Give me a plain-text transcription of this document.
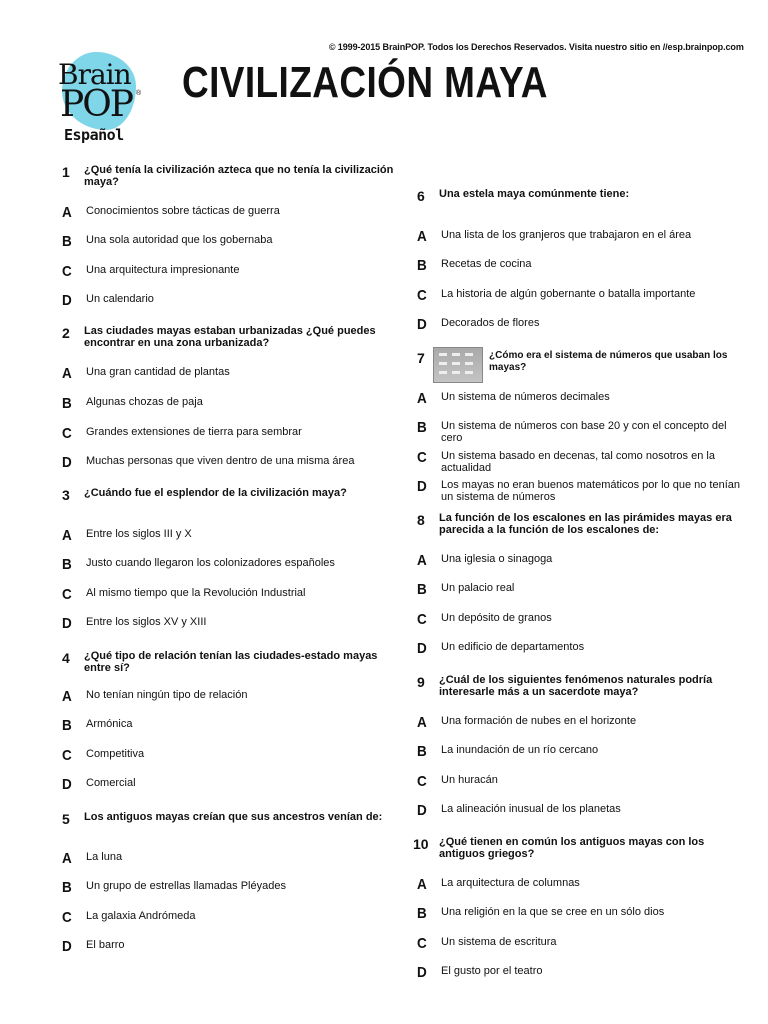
© 1999-2015 BrainPOP. Todos los Derechos Reservados. Visita nuestro sitio en //esp.brainpop.com
Brain
POP ®
Español
CIVILIZACIÓN MAYA
1 ¿Qué tenía la civilización azteca que no tenía la civilización maya?
A Conocimientos sobre tácticas de guerra
B Una sola autoridad que los gobernaba
C Una arquitectura impresionante
D Un calendario
2 Las ciudades mayas estaban urbanizadas ¿Qué puedes encontrar en una zona urbanizada?
A Una gran cantidad de plantas
B Algunas chozas de paja
C Grandes extensiones de tierra para sembrar
D Muchas personas que viven dentro de una misma área
3 ¿Cuándo fue el esplendor de la civilización maya?
A Entre los siglos III y X
B Justo cuando llegaron los colonizadores españoles
C Al mismo tiempo que la Revolución Industrial
D Entre los siglos XV y XIII
4 ¿Qué tipo de relación tenían las ciudades-estado mayas entre sí?
A No tenían ningún tipo de relación
B Armónica
C Competitiva
D Comercial
5 Los antiguos mayas creían que sus ancestros venían de:
A La luna
B Un grupo de estrellas llamadas Pléyades
C La galaxia Andrómeda
D El barro
6 Una estela maya comúnmente tiene:
A Una lista de los granjeros que trabajaron en el área
B Recetas de cocina
C La historia de algún gobernante o batalla importante
D Decorados de flores
7	¿Cómo era el sistema de números que usaban los mayas?
A Un sistema de números decimales
B Un sistema de números con base 20 y con el concepto del cero
C Un sistema basado en decenas, tal como nosotros en la actualidad
D Los mayas no eran buenos matemáticos por lo que no tenían un sistema de números
8 La función de los escalones en las pirámides mayas era parecida a la función de los escalones de:
A Una iglesia o sinagoga
B Un palacio real
C Un depósito de granos
D Un edificio de departamentos
9 ¿Cuál de los siguientes fenómenos naturales podría interesarle más a un sacerdote maya?
A Una formación de nubes en el horizonte
B La inundación de un río cercano
C Un huracán
D La alineación inusual de los planetas
10 ¿Qué tienen en común los antiguos mayas con los antiguos griegos?
A La arquitectura de columnas
B Una religión en la que se cree en un sólo dios
C Un sistema de escritura
D El gusto por el teatro
